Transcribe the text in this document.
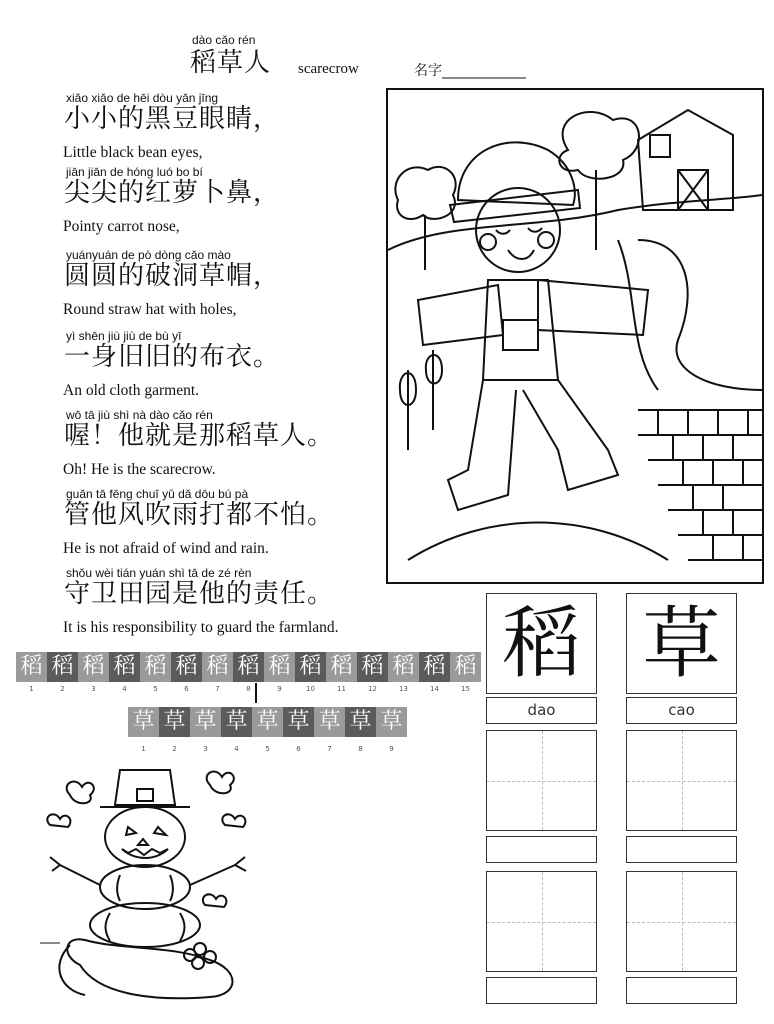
dào cǎo rén
稻草人 scarecrow	名字____________
xiǎo xiǎo de hēi dòu yǎn jīng
小小的黑豆眼睛，
Little black bean eyes,
jiān jiān de hóng luó bo bí
尖尖的红萝卜鼻，
Pointy carrot nose,
yuányuán de pò dòng cǎo mào
圆圆的破洞草帽，
Round straw hat with holes,
yì shēn jiù jiù de bù yī
一身旧旧的布衣。
An old cloth garment.
wō tā jiù shì nà dào cǎo rén
喔！他就是那稻草人。
Oh! He is the scarecrow.
guǎn tā fēng chuī yǔ dǎ dōu bú pà
管他风吹雨打都不怕。
He is not afraid of wind and rain.
shǒu wèi tián yuán shì tā de zé rèn
守卫田园是他的责任。
It is his responsibility to guard the farmland.
稻 稻 稻 稻 稻 稻 稻 稻 稻 稻 稻 稻 稻 稻 稻
1	2	3	4	5	6	7	8	9	10	11	12	13	14	15
草 草 草 草 草 草 草 草 草
1	2	3	4	5	6	7	8	9
稻 草
dao	cao
